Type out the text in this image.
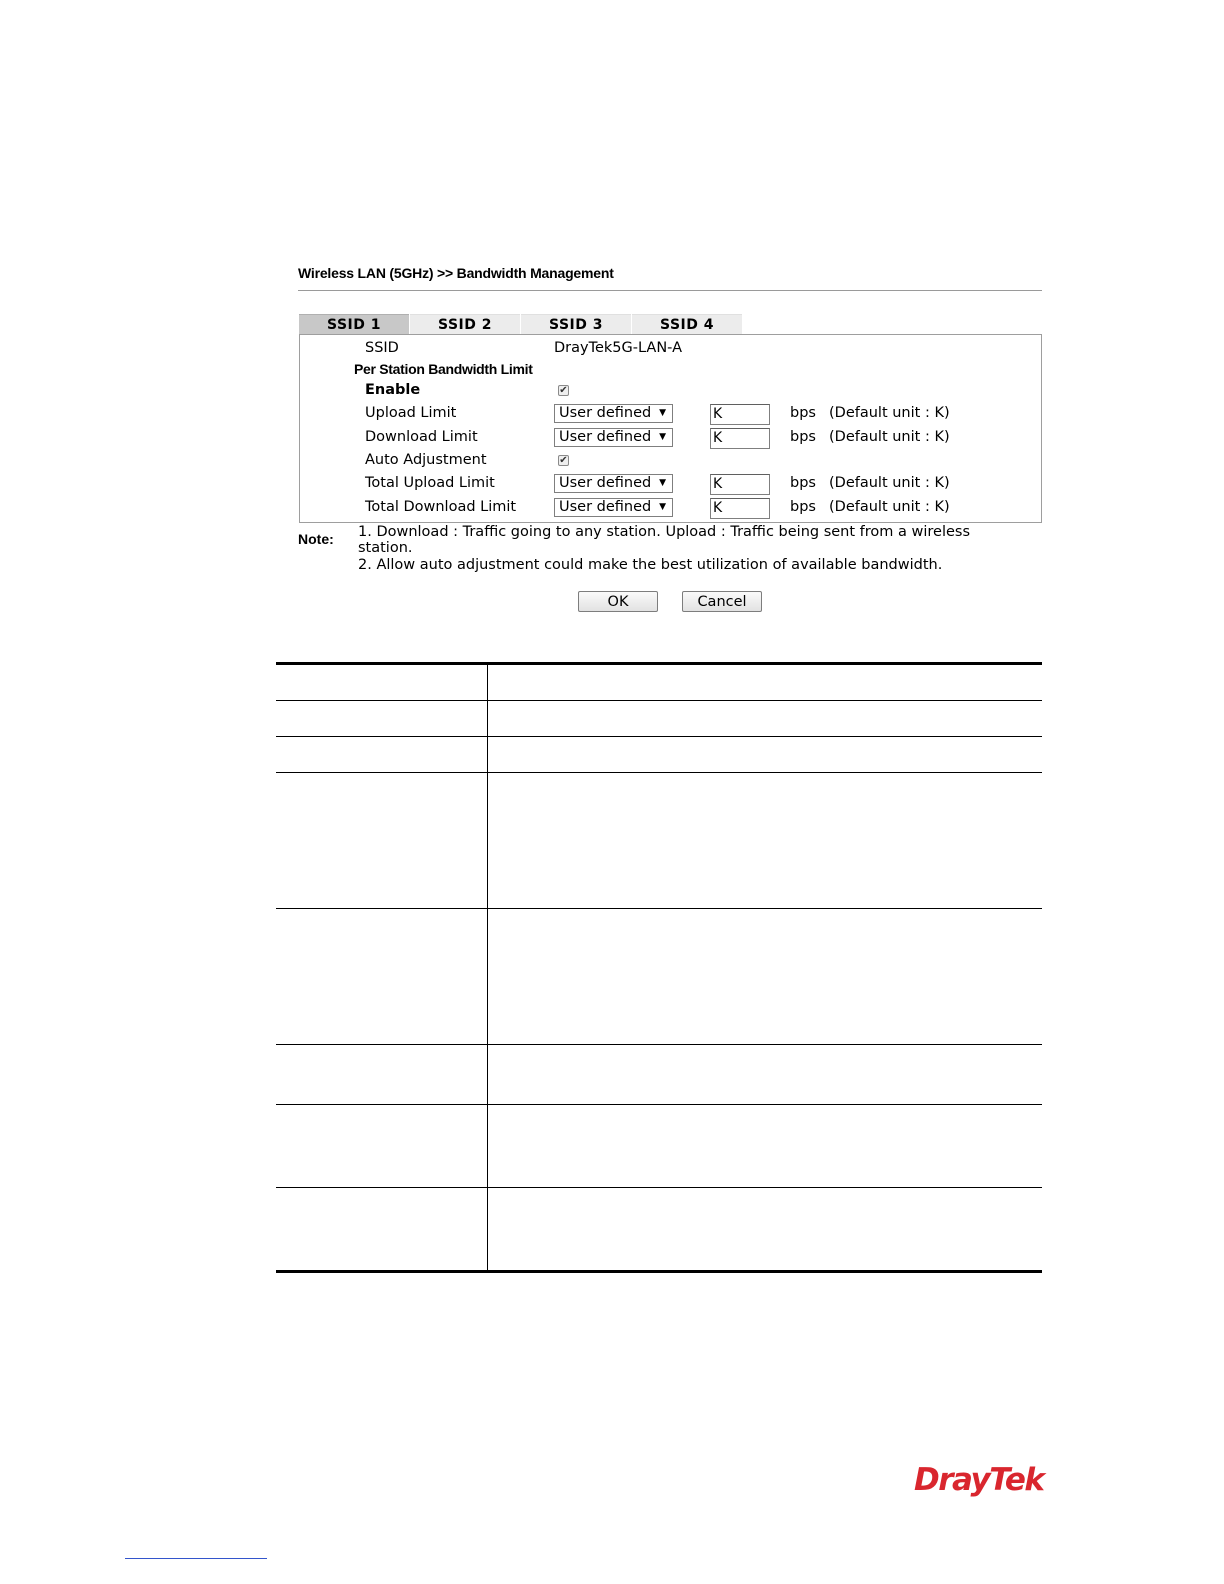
Wireless LAN (5GHz) >> Bandwidth Management
SSID 1	SSID 2	SSID 3	SSID 4
SSID	DrayTek5G-LAN-A
Per Station Bandwidth Limit
Enable	✔
Upload Limit	User defined ▼	K	bps (Default unit : K)
Download Limit	User defined ▼	K	bps (Default unit : K)
Auto Adjustment	✔
Total Upload Limit	User defined ▼	K	bps (Default unit : K)
Total Download Limit	User defined ▼	K	bps (Default unit : K)
Note: 1. Download : Traffic going to any station. Upload : Traffic being sent from a wireless
station.
2. Allow auto adjustment could make the best utilization of available bandwidth.
OK	Cancel
DrayTek
